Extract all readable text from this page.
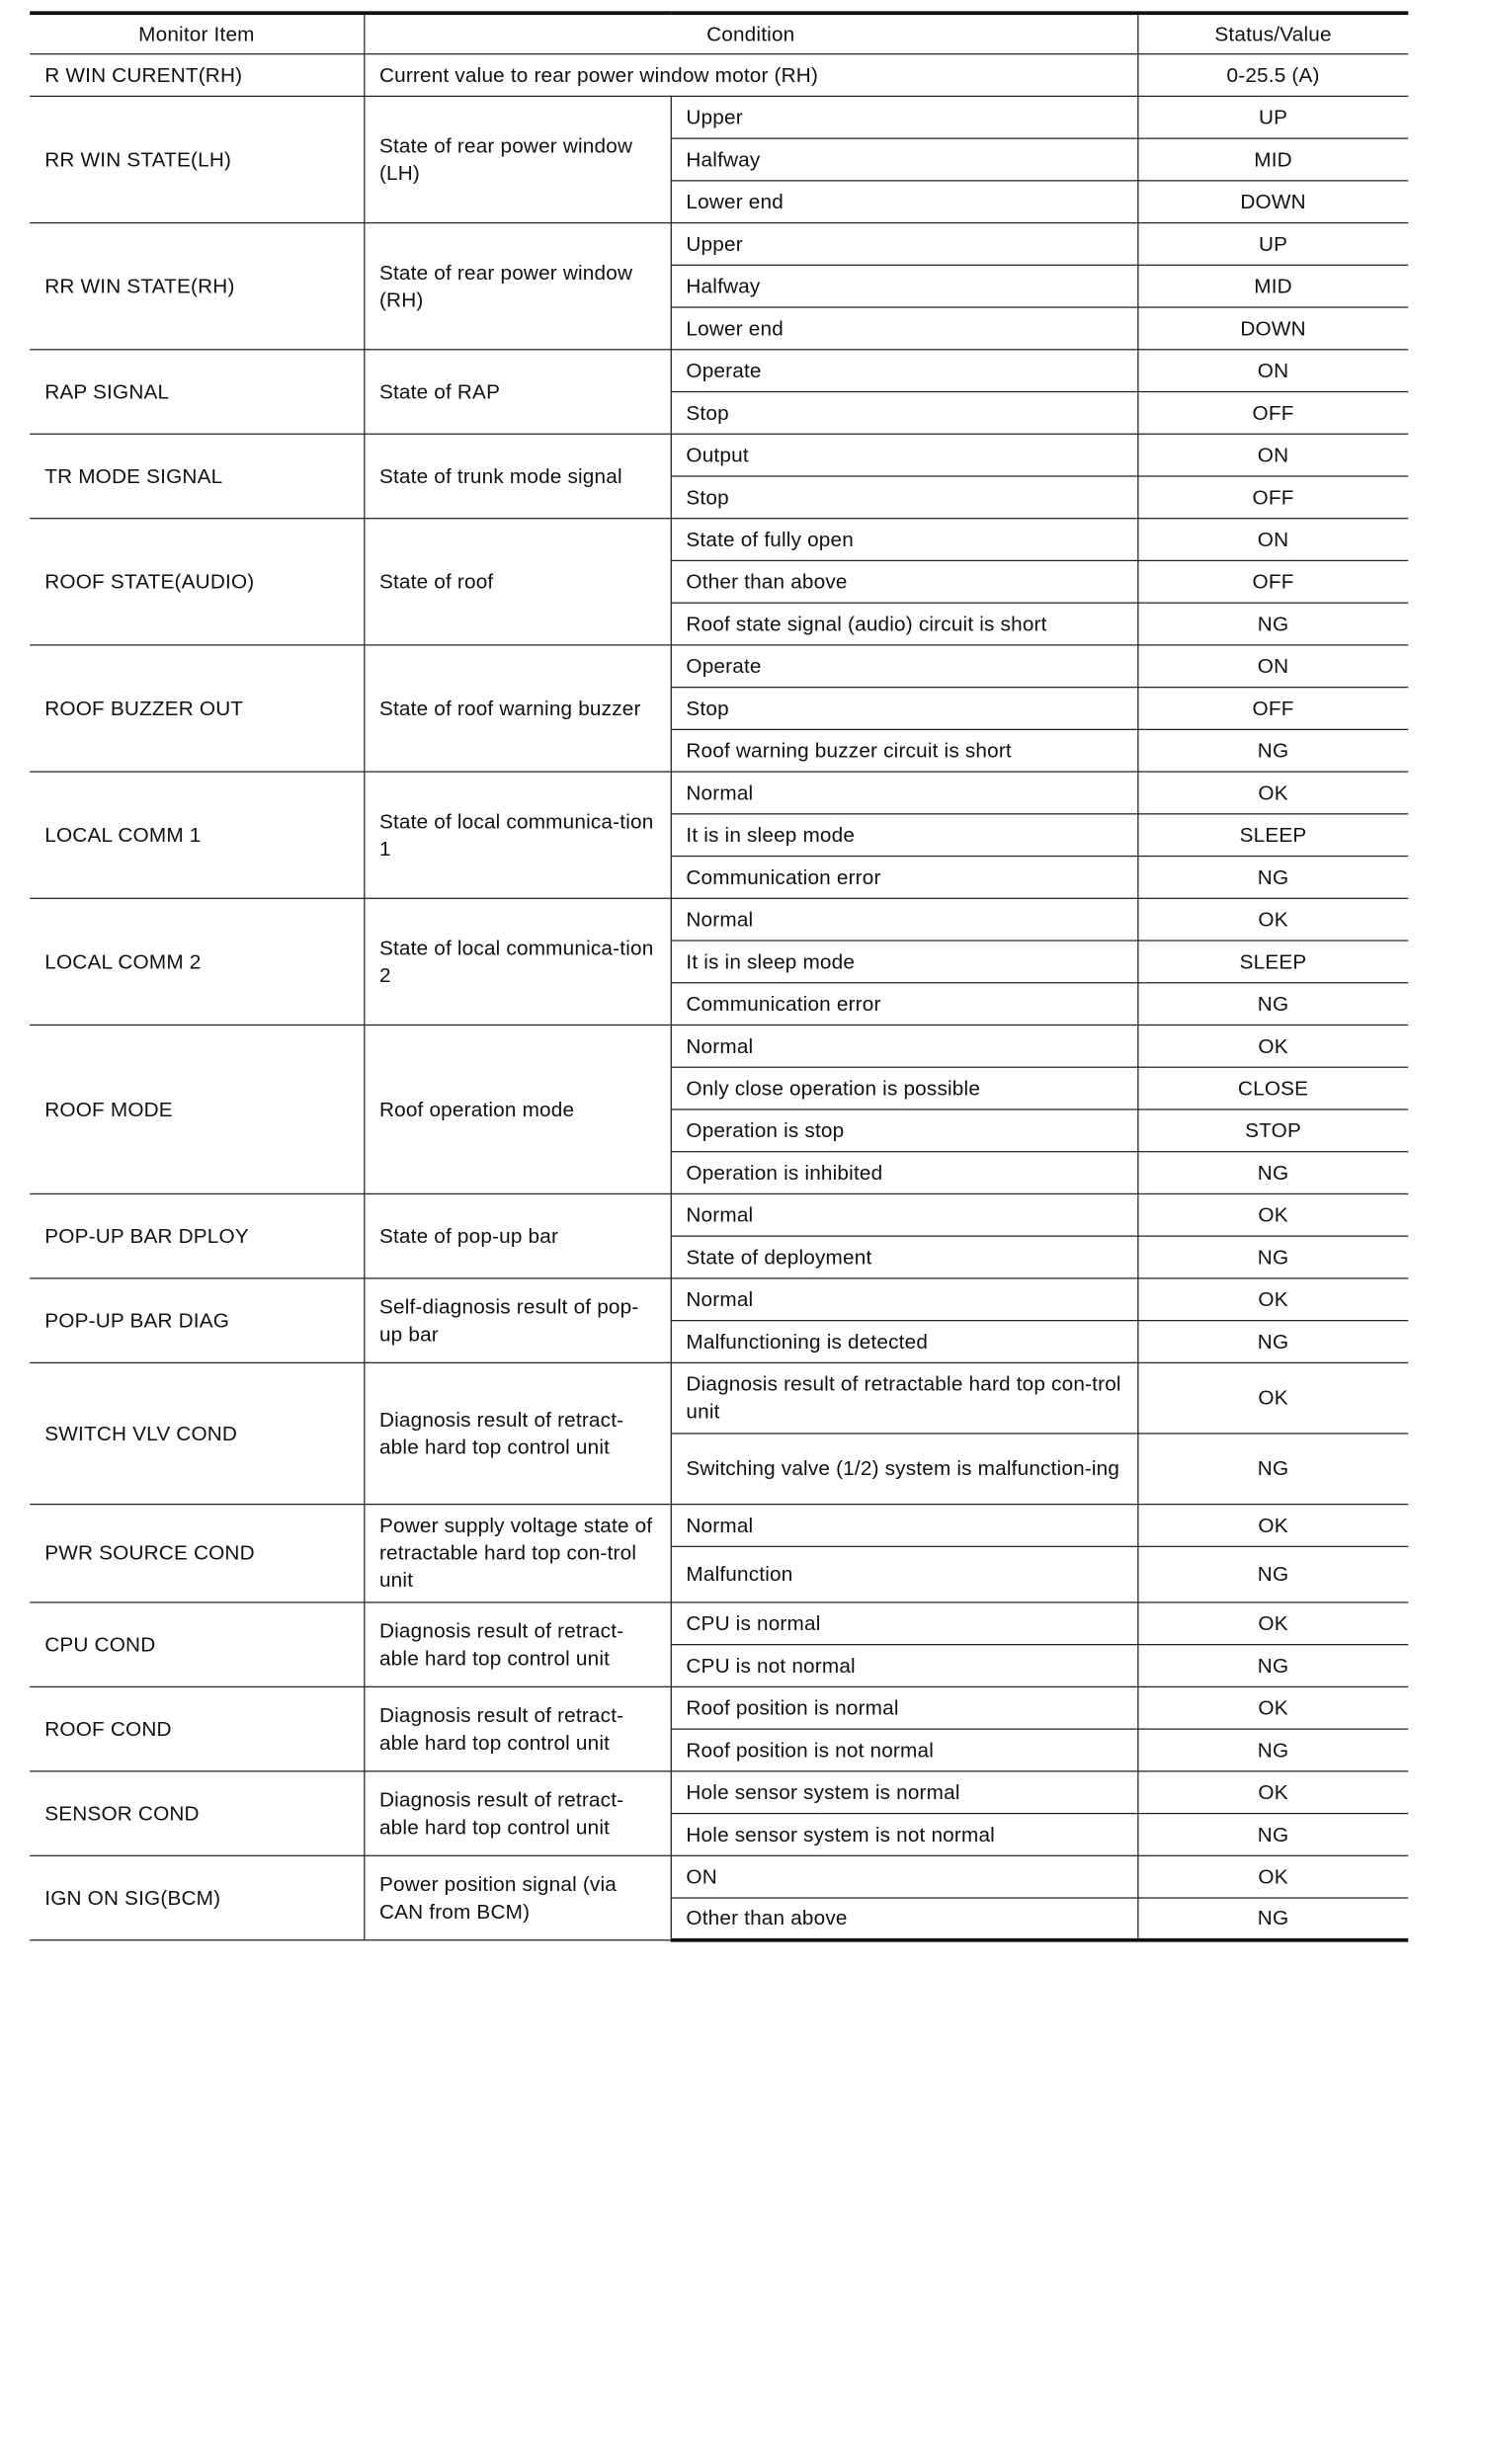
Monitor Item	Condition		Status/Value
R WIN CURENT(RH)	Current value to rear power window motor (RH)		0-25.5 (A)
RR WIN STATE(LH)	State of rear power window (LH)	Upper	UP
		Halfway	MID
		Lower end	DOWN
RR WIN STATE(RH)	State of rear power window (RH)	Upper	UP
		Halfway	MID
		Lower end	DOWN
RAP SIGNAL	State of RAP	Operate	ON
		Stop	OFF
TR MODE SIGNAL	State of trunk mode signal	Output	ON
		Stop	OFF
ROOF STATE(AUDIO)	State of roof	State of fully open	ON
		Other than above	OFF
		Roof state signal (audio) circuit is short	NG
ROOF BUZZER OUT	State of roof warning buzzer	Operate	ON
		Stop	OFF
		Roof warning buzzer circuit is short	NG
LOCAL COMM 1	State of local communica-tion 1	Normal	OK
		It is in sleep mode	SLEEP
		Communication error	NG
LOCAL COMM 2	State of local communica-tion 2	Normal	OK
		It is in sleep mode	SLEEP
		Communication error	NG
ROOF MODE	Roof operation mode	Normal	OK
		Only close operation is possible	CLOSE
		Operation is stop	STOP
		Operation is inhibited	NG
POP-UP BAR DPLOY	State of pop-up bar	Normal	OK
		State of deployment	NG
POP-UP BAR DIAG	Self-diagnosis result of pop-up bar	Normal	OK
		Malfunctioning is detected	NG
SWITCH VLV COND	Diagnosis result of retract-able hard top control unit	Diagnosis result of retractable hard top con-trol unit	OK
		Switching valve (1/2) system is malfunction-ing	NG
PWR SOURCE COND	Power supply voltage state of retractable hard top con-trol unit	Normal	OK
		Malfunction	NG
CPU COND	Diagnosis result of retract-able hard top control unit	CPU is normal	OK
		CPU is not normal	NG
ROOF COND	Diagnosis result of retract-able hard top control unit	Roof position is normal	OK
		Roof position is not normal	NG
SENSOR COND	Diagnosis result of retract-able hard top control unit	Hole sensor system is normal	OK
		Hole sensor system is not normal	NG
IGN ON SIG(BCM)	Power position signal (via CAN from BCM)	ON	OK
		Other than above	NG
